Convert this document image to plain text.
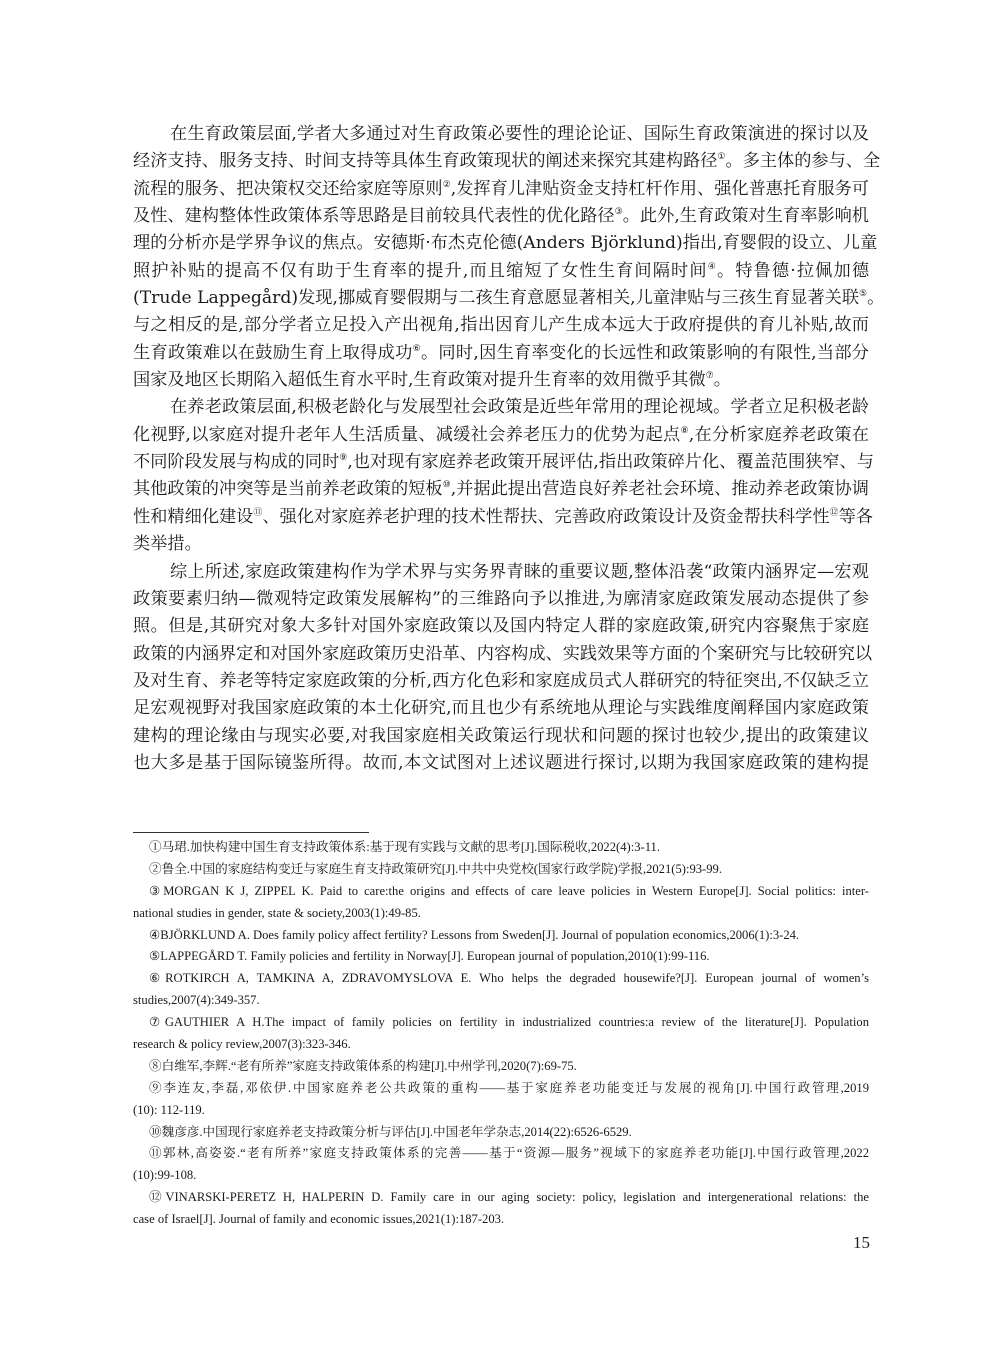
在生育政策层面,学者大多通过对生育政策必要性的理论论证、国际生育政策演进的探讨以及
经济支持、服务支持、时间支持等具体生育政策现状的阐述来探究其建构路径①。多主体的参与、全
流程的服务、把决策权交还给家庭等原则②,发挥育儿津贴资金支持杠杆作用、强化普惠托育服务可
及性、建构整体性政策体系等思路是目前较具代表性的优化路径③。此外,生育政策对生育率影响机
理的分析亦是学界争议的焦点。安德斯·布杰克伦德(Anders Björklund)指出,育婴假的设立、儿童
照护补贴的提高不仅有助于生育率的提升,而且缩短了女性生育间隔时间④。特鲁德·拉佩加德
(Trude Lappegård)发现,挪威育婴假期与二孩生育意愿显著相关,儿童津贴与三孩生育显著关联⑤。
与之相反的是,部分学者立足投入产出视角,指出因育儿产生成本远大于政府提供的育儿补贴,故而
生育政策难以在鼓励生育上取得成功⑥。同时,因生育率变化的长远性和政策影响的有限性,当部分
国家及地区长期陷入超低生育水平时,生育政策对提升生育率的效用微乎其微⑦。
在养老政策层面,积极老龄化与发展型社会政策是近些年常用的理论视域。学者立足积极老龄
化视野,以家庭对提升老年人生活质量、减缓社会养老压力的优势为起点⑧,在分析家庭养老政策在
不同阶段发展与构成的同时⑨,也对现有家庭养老政策开展评估,指出政策碎片化、覆盖范围狭窄、与
其他政策的冲突等是当前养老政策的短板⑩,并据此提出营造良好养老社会环境、推动养老政策协调
性和精细化建设⑪、强化对家庭养老护理的技术性帮扶、完善政府政策设计及资金帮扶科学性⑫等各
类举措。
综上所述,家庭政策建构作为学术界与实务界青睐的重要议题,整体沿袭“政策内涵界定—宏观
政策要素归纳—微观特定政策发展解构”的三维路向予以推进,为廓清家庭政策发展动态提供了参
照。但是,其研究对象大多针对国外家庭政策以及国内特定人群的家庭政策,研究内容聚焦于家庭
政策的内涵界定和对国外家庭政策历史沿革、内容构成、实践效果等方面的个案研究与比较研究以
及对生育、养老等特定家庭政策的分析,西方化色彩和家庭成员式人群研究的特征突出,不仅缺乏立
足宏观视野对我国家庭政策的本土化研究,而且也少有系统地从理论与实践维度阐释国内家庭政策
建构的理论缘由与现实必要,对我国家庭相关政策运行现状和问题的探讨也较少,提出的政策建议
也大多是基于国际镜鉴所得。故而,本文试图对上述议题进行探讨,以期为我国家庭政策的建构提
①马珺.加快构建中国生育支持政策体系:基于现有实践与文献的思考[J].国际税收,2022(4):3-11.
②鲁全.中国的家庭结构变迁与家庭生育支持政策研究[J].中共中央党校(国家行政学院)学报,2021(5):93-99.
③MORGAN K J, ZIPPEL K. Paid to care:the origins and effects of care leave policies in Western Europe[J]. Social politics: inter-
national studies in gender, state & society,2003(1):49-85.
④BJÖRKLUND A. Does family policy affect fertility? Lessons from Sweden[J]. Journal of population economics,2006(1):3-24.
⑤LAPPEGÅRD T. Family policies and fertility in Norway[J]. European journal of population,2010(1):99-116.
⑥ROTKIRCH A, TAMKINA A, ZDRAVOMYSLOVA E. Who helps the degraded housewife?[J]. European journal of women’s
studies,2007(4):349-357.
⑦GAUTHIER A H.The impact of family policies on fertility in industrialized countries:a review of the literature[J]. Population
research & policy review,2007(3):323-346.
⑧白维军,李辉.“老有所养”家庭支持政策体系的构建[J].中州学刊,2020(7):69-75.
⑨李连友,李磊,邓依伊.中国家庭养老公共政策的重构——基于家庭养老功能变迁与发展的视角[J].中国行政管理,2019
(10): 112-119.
⑩魏彦彦.中国现行家庭养老支持政策分析与评估[J].中国老年学杂志,2014(22):6526-6529.
⑪郭林,高姿姿.“老有所养”家庭支持政策体系的完善——基于“资源—服务”视域下的家庭养老功能[J].中国行政管理,2022
(10):99-108.
⑫VINARSKI-PERETZ H, HALPERIN D. Family care in our aging society: policy, legislation and intergenerational relations: the
case of Israel[J]. Journal of family and economic issues,2021(1):187-203.
15
